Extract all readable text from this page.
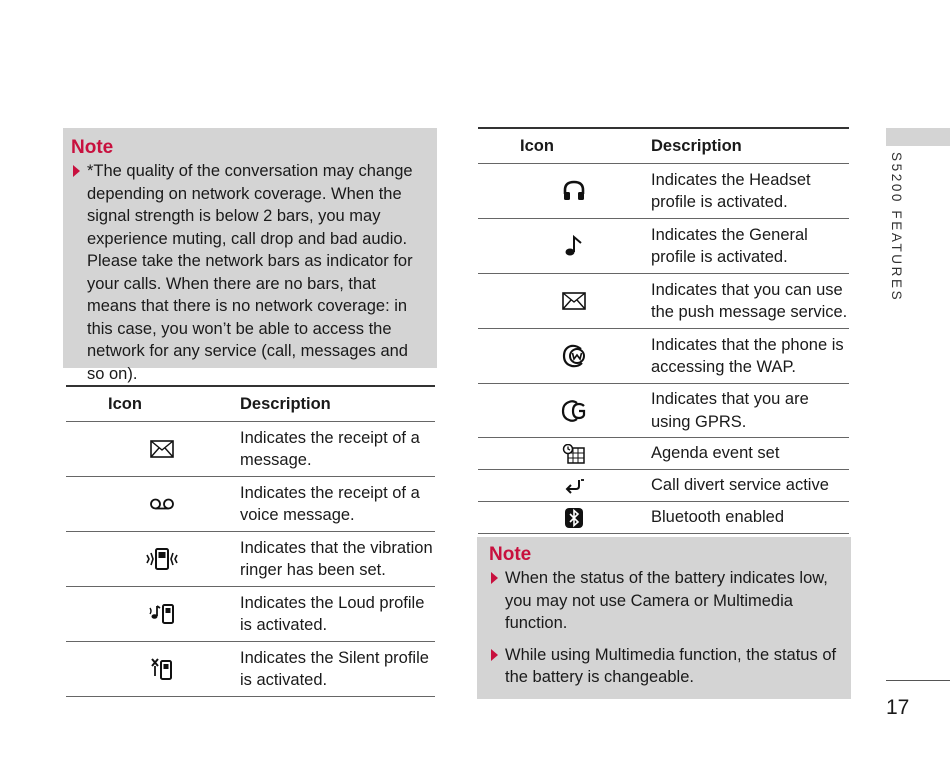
Note
*The quality of the conversation may change depending on network coverage. When the signal strength is below 2 bars, you may experience muting, call drop and bad audio. Please take the network bars as indicator for your calls. When there are no bars, that means that there is no network coverage: in this case, you won’t be able to access the network for any service (call, messages and so on).
Icon	Description

	Indicates the receipt of a message.

	Indicates the receipt of a voice message.

	Indicates that the vibration ringer has been set.

	Indicates the Loud profile is activated.

	Indicates the Silent profile is activated.
Icon	Description

	Indicates the Headset profile is activated.

	Indicates the General profile is activated.

	Indicates that you can use the push message service.

	Indicates that the phone is accessing the WAP.

	Indicates that you are using GPRS.

	Agenda event set

	Call divert service active

	Bluetooth enabled
Note
When the status of the battery indicates low, you may not use Camera or Multimedia function.
While using Multimedia function, the status of the battery is changeable.
S5200 FEATURES
17
